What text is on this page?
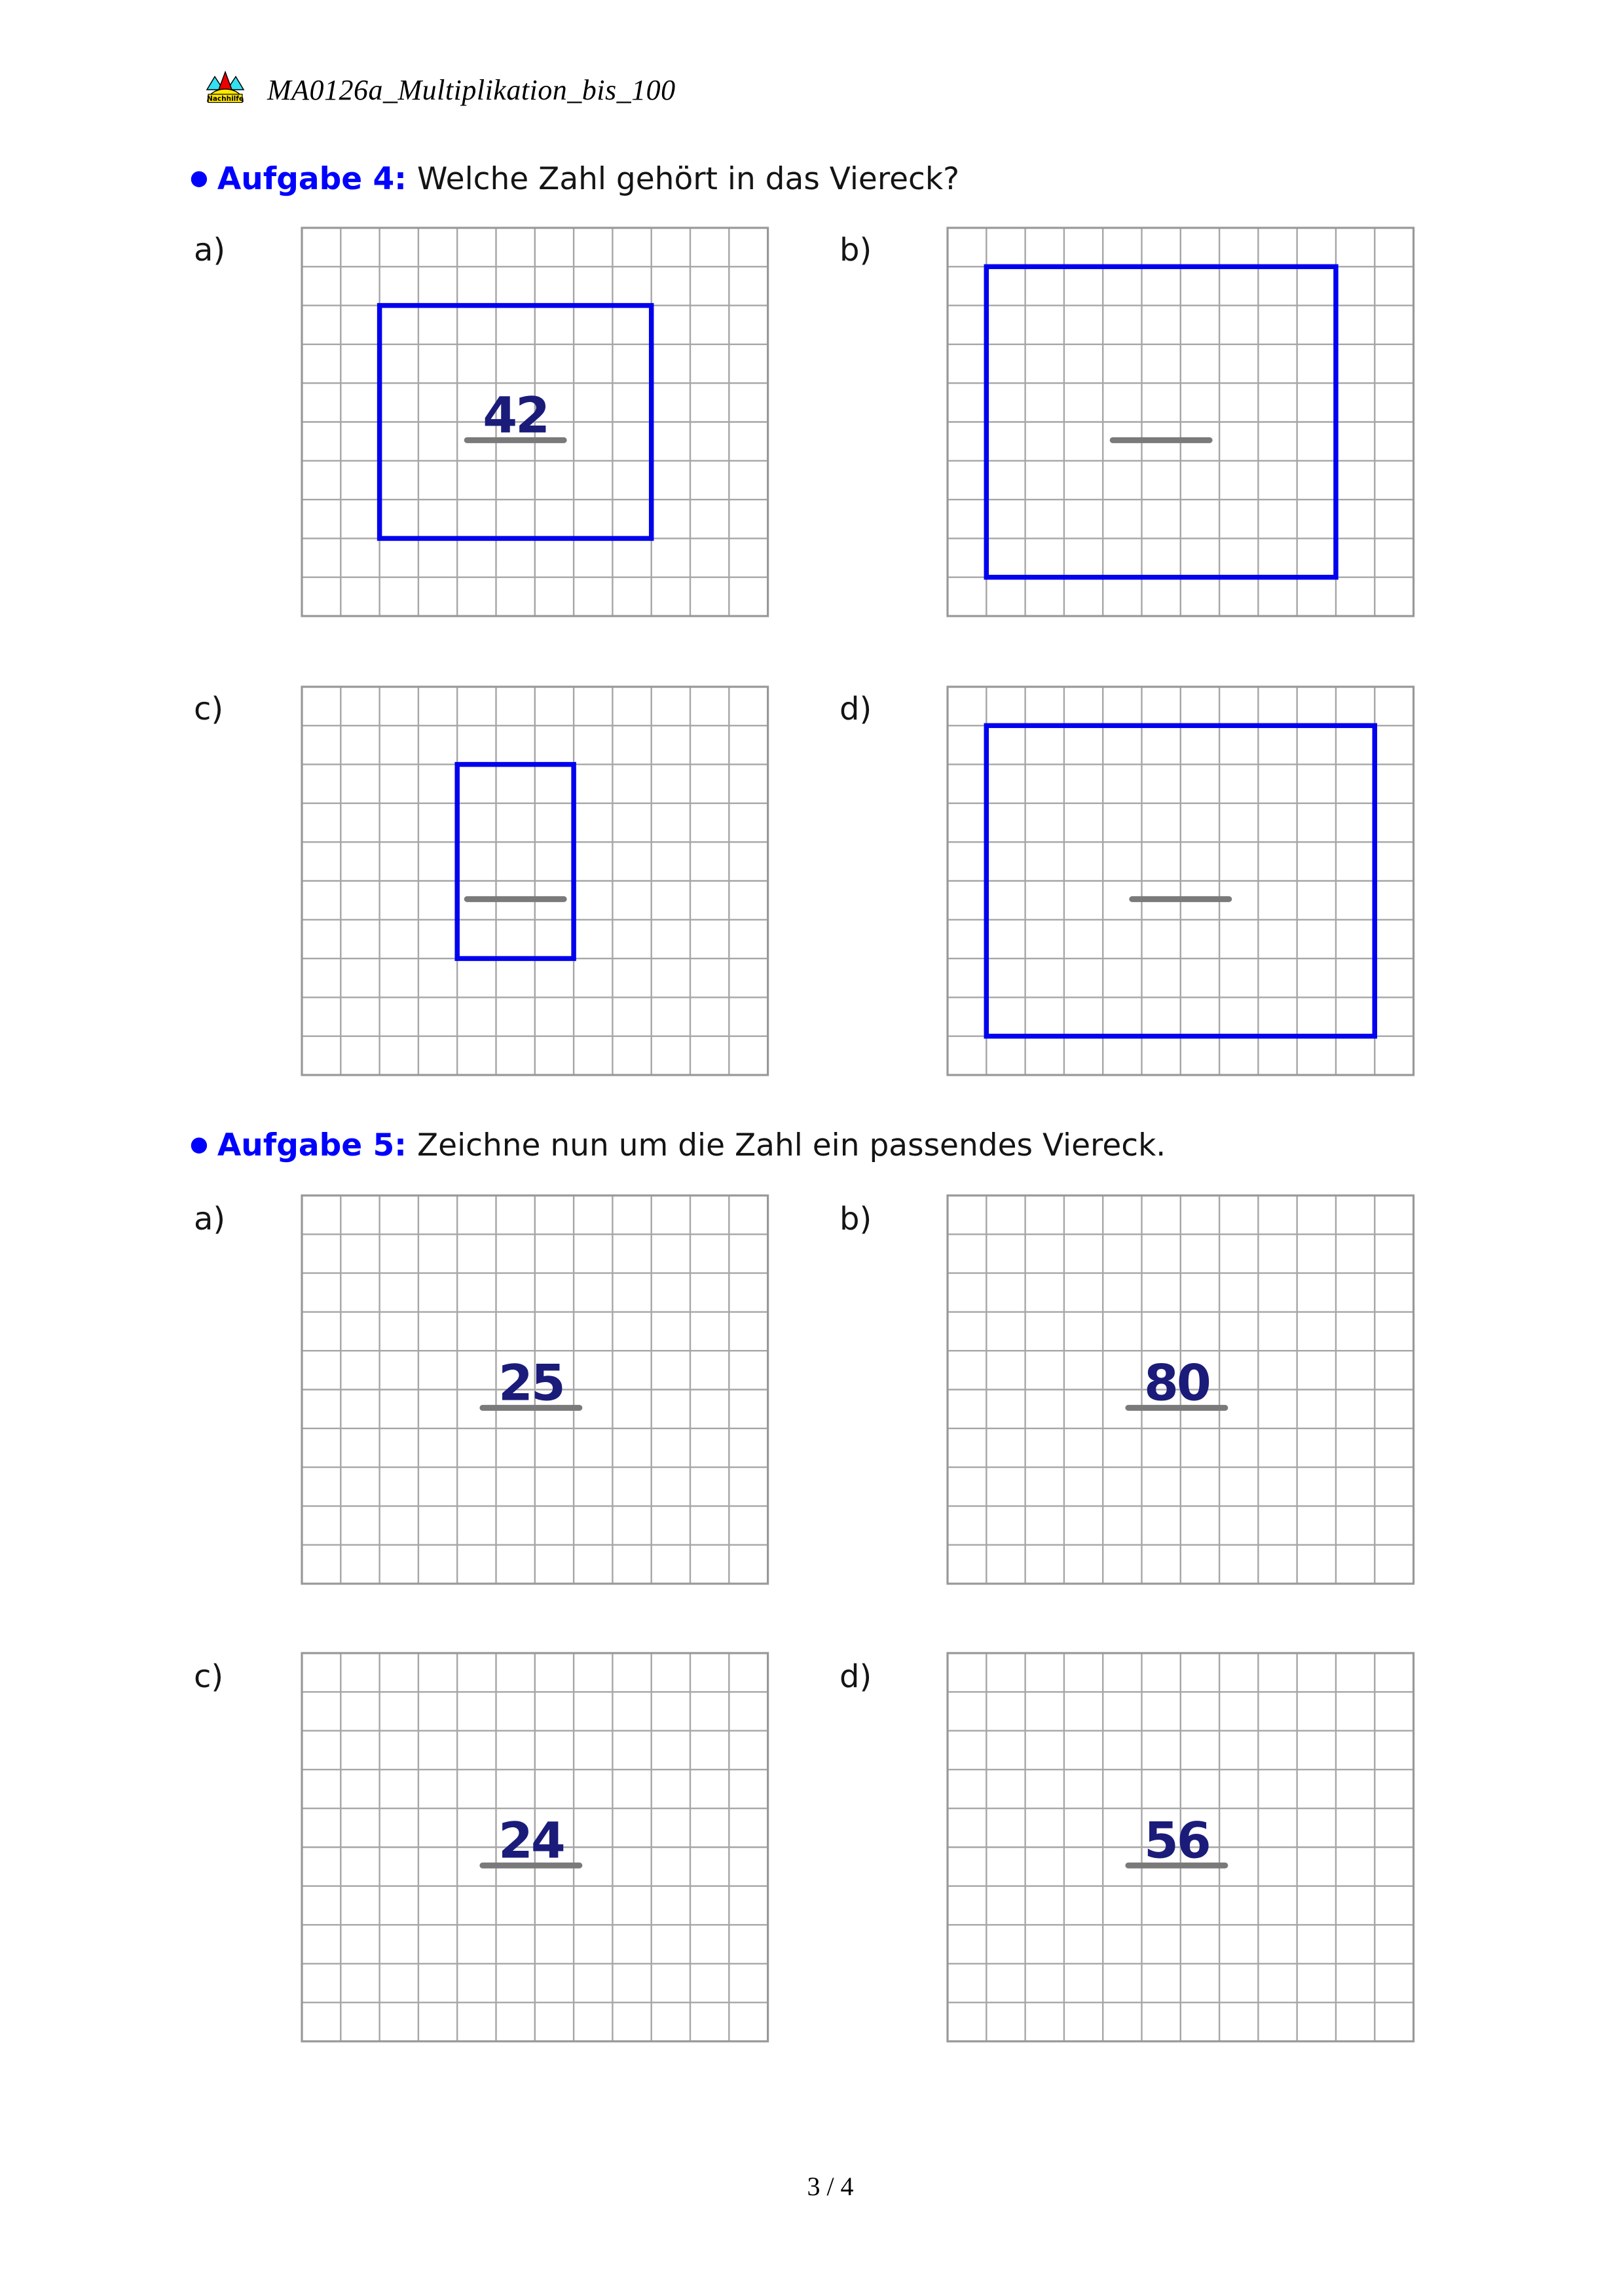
Nachhilfe MA0126a_Multiplikation_bis_100
● Aufgabe 4: Welche Zahl gehört in das Viereck?
a)
42
b)
c)	d)
● Aufgabe 5: Zeichne nun um die Zahl ein passendes Viereck.
a)
25
b)
80
c)
24
d)
56
3 / 4
